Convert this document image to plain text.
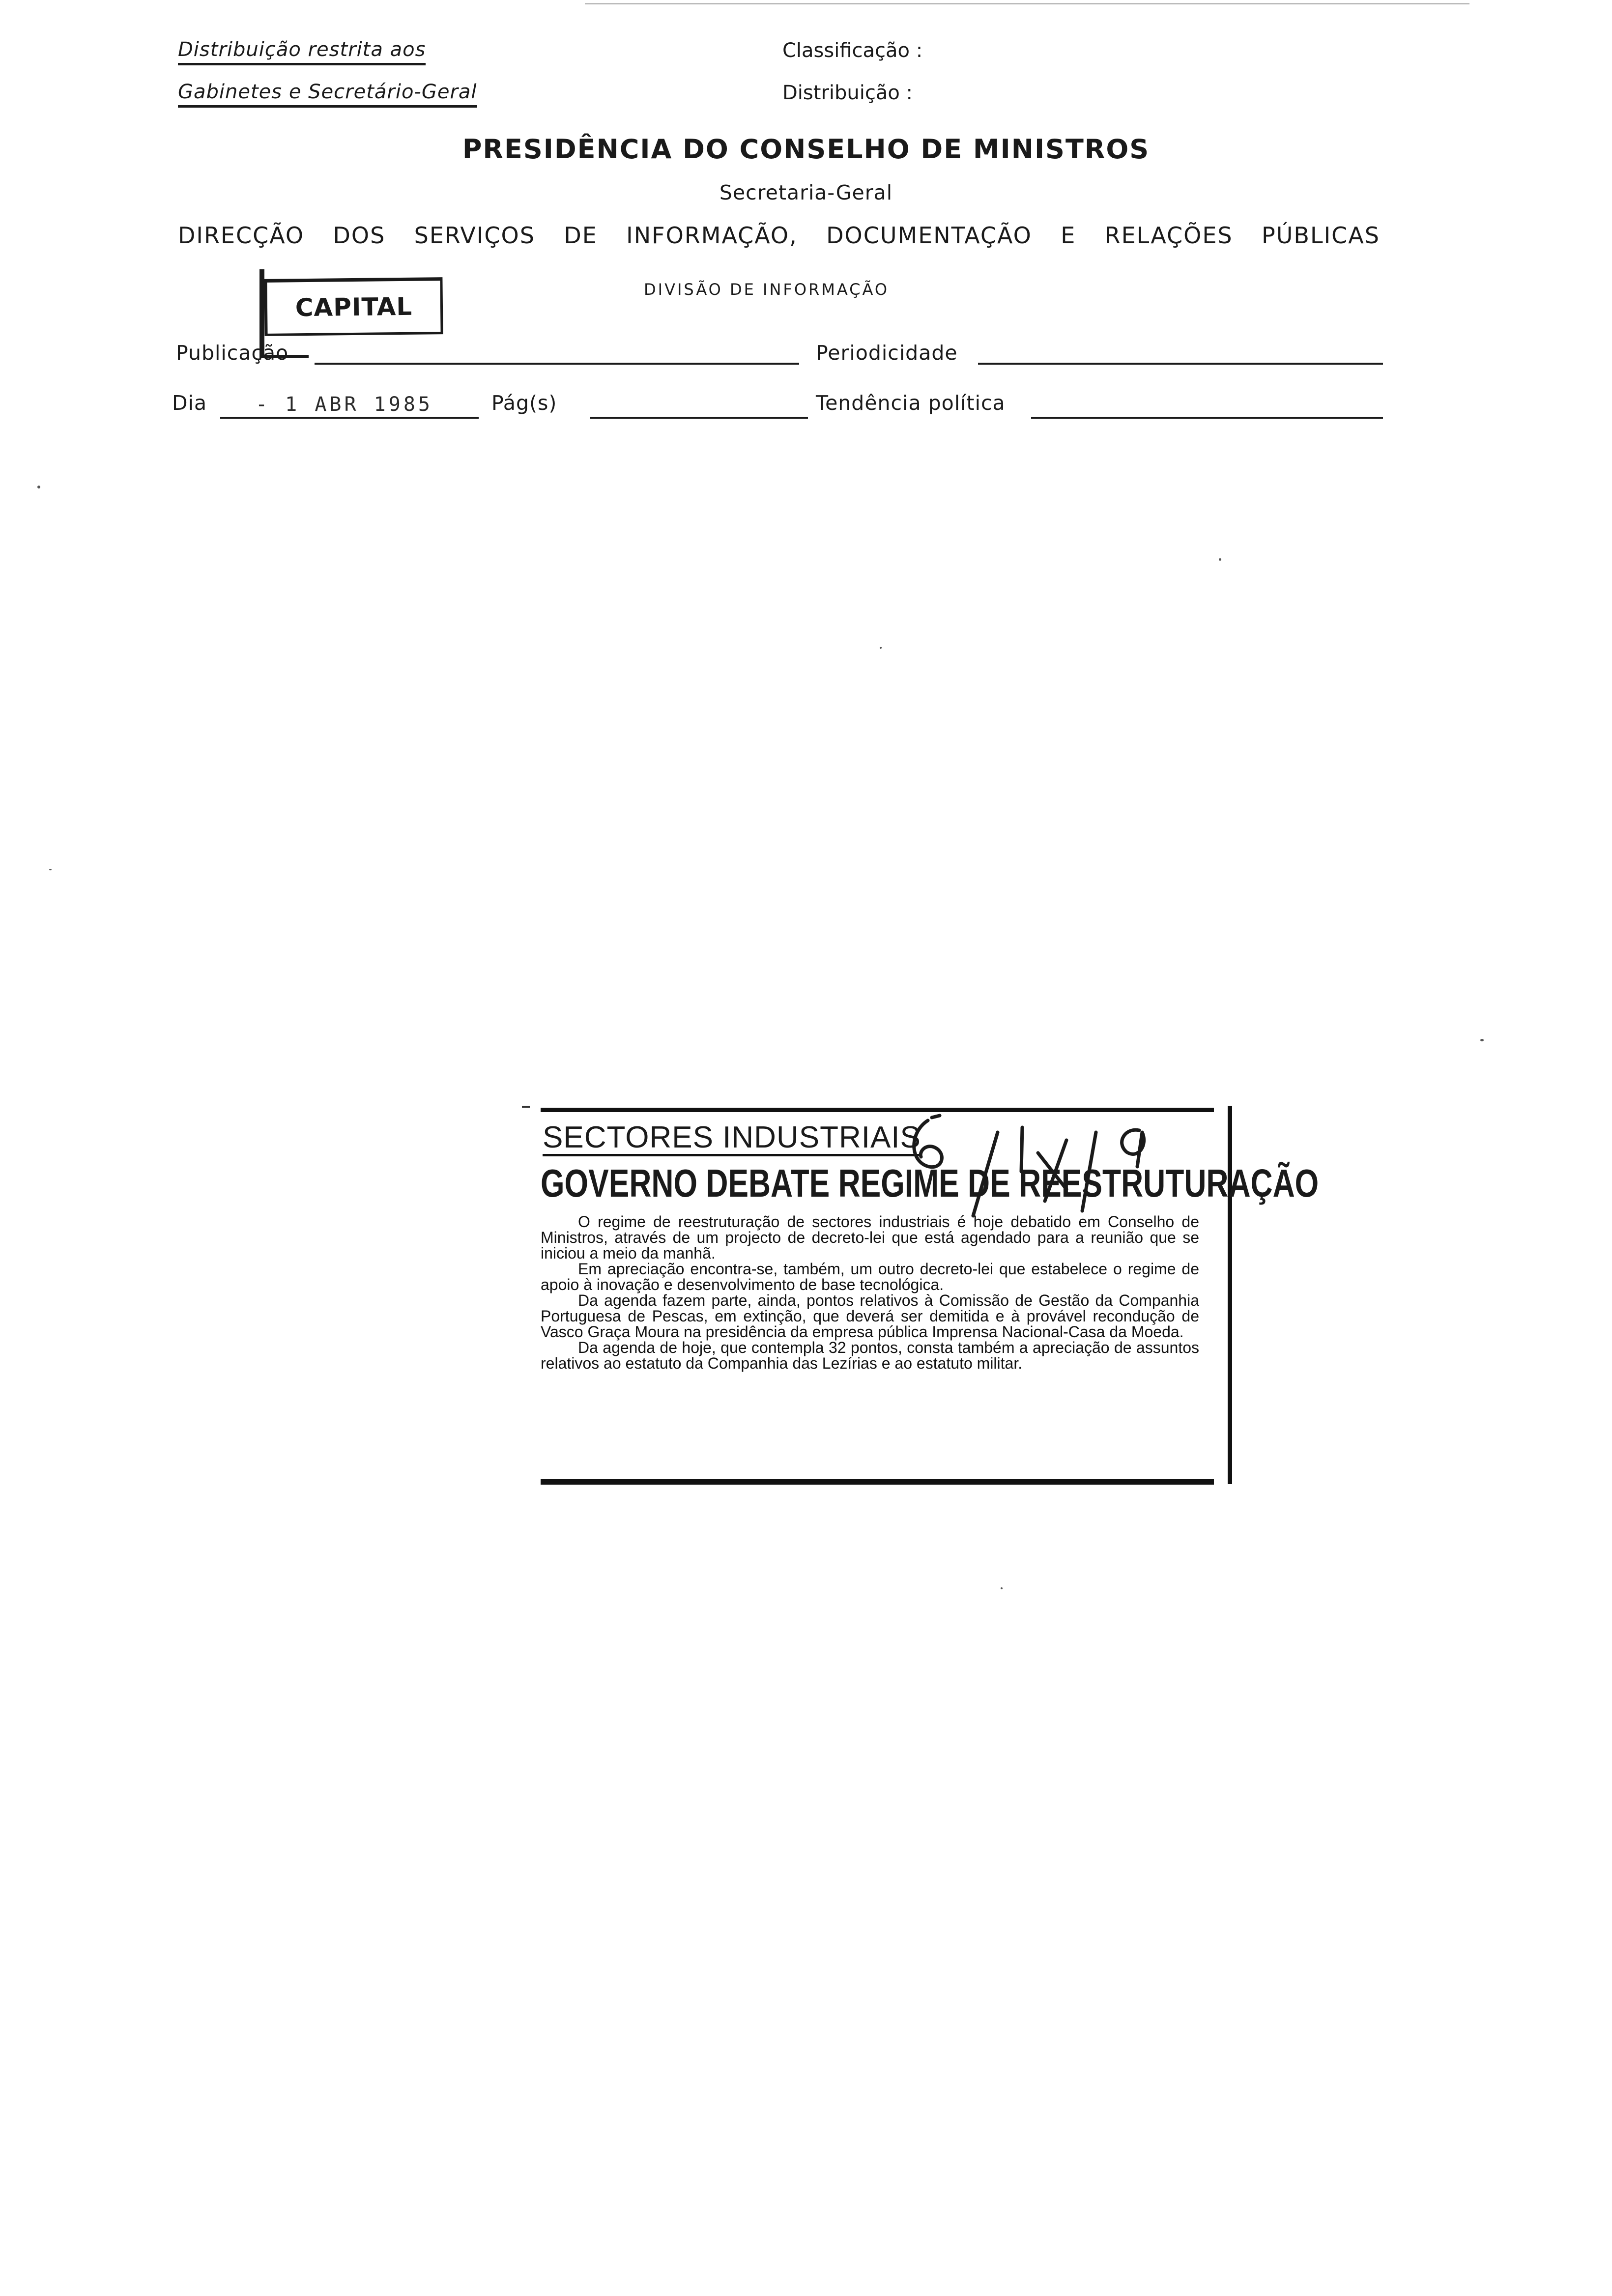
Distribuição restrita aos
Gabinetes e Secretário-Geral
Classificação :
Distribuição :
PRESIDÊNCIA DO CONSELHO DE MINISTROS
Secretaria-Geral
DIRECÇÃO DOS SERVIÇOS DE INFORMAÇÃO, DOCUMENTAÇÃO E RELAÇÕES PÚBLICAS
DIVISÃO DE INFORMAÇÃO
CAPITAL
Publicação	Periodicidade
Dia - 1 ABR 1985	Pág(s)	Tendência política
SECTORES INDUSTRIAIS
GOVERNO DEBATE REGIME DE REESTRUTURAÇÃO

O regime de reestruturação de sectores industriais é hoje debatido em Conselho de Ministros, através de um projecto de decreto-lei que está agendado para a reunião que se iniciou a meio da manhã.

Em apreciação encontra-se, também, um outro decreto-lei que estabelece o regime de apoio à inovação e desenvolvimento de base tecnológica.

Da agenda fazem parte, ainda, pontos relativos à Comissão de Gestão da Companhia Portuguesa de Pescas, em extinção, que deverá ser demitida e à provável recondução de Vasco Graça Moura na presidência da empresa pública Imprensa Nacional-Casa da Moeda.

Da agenda de hoje, que contempla 32 pontos, consta também a apreciação de assuntos relativos ao estatuto da Companhia das Lezírias e ao estatuto militar.
